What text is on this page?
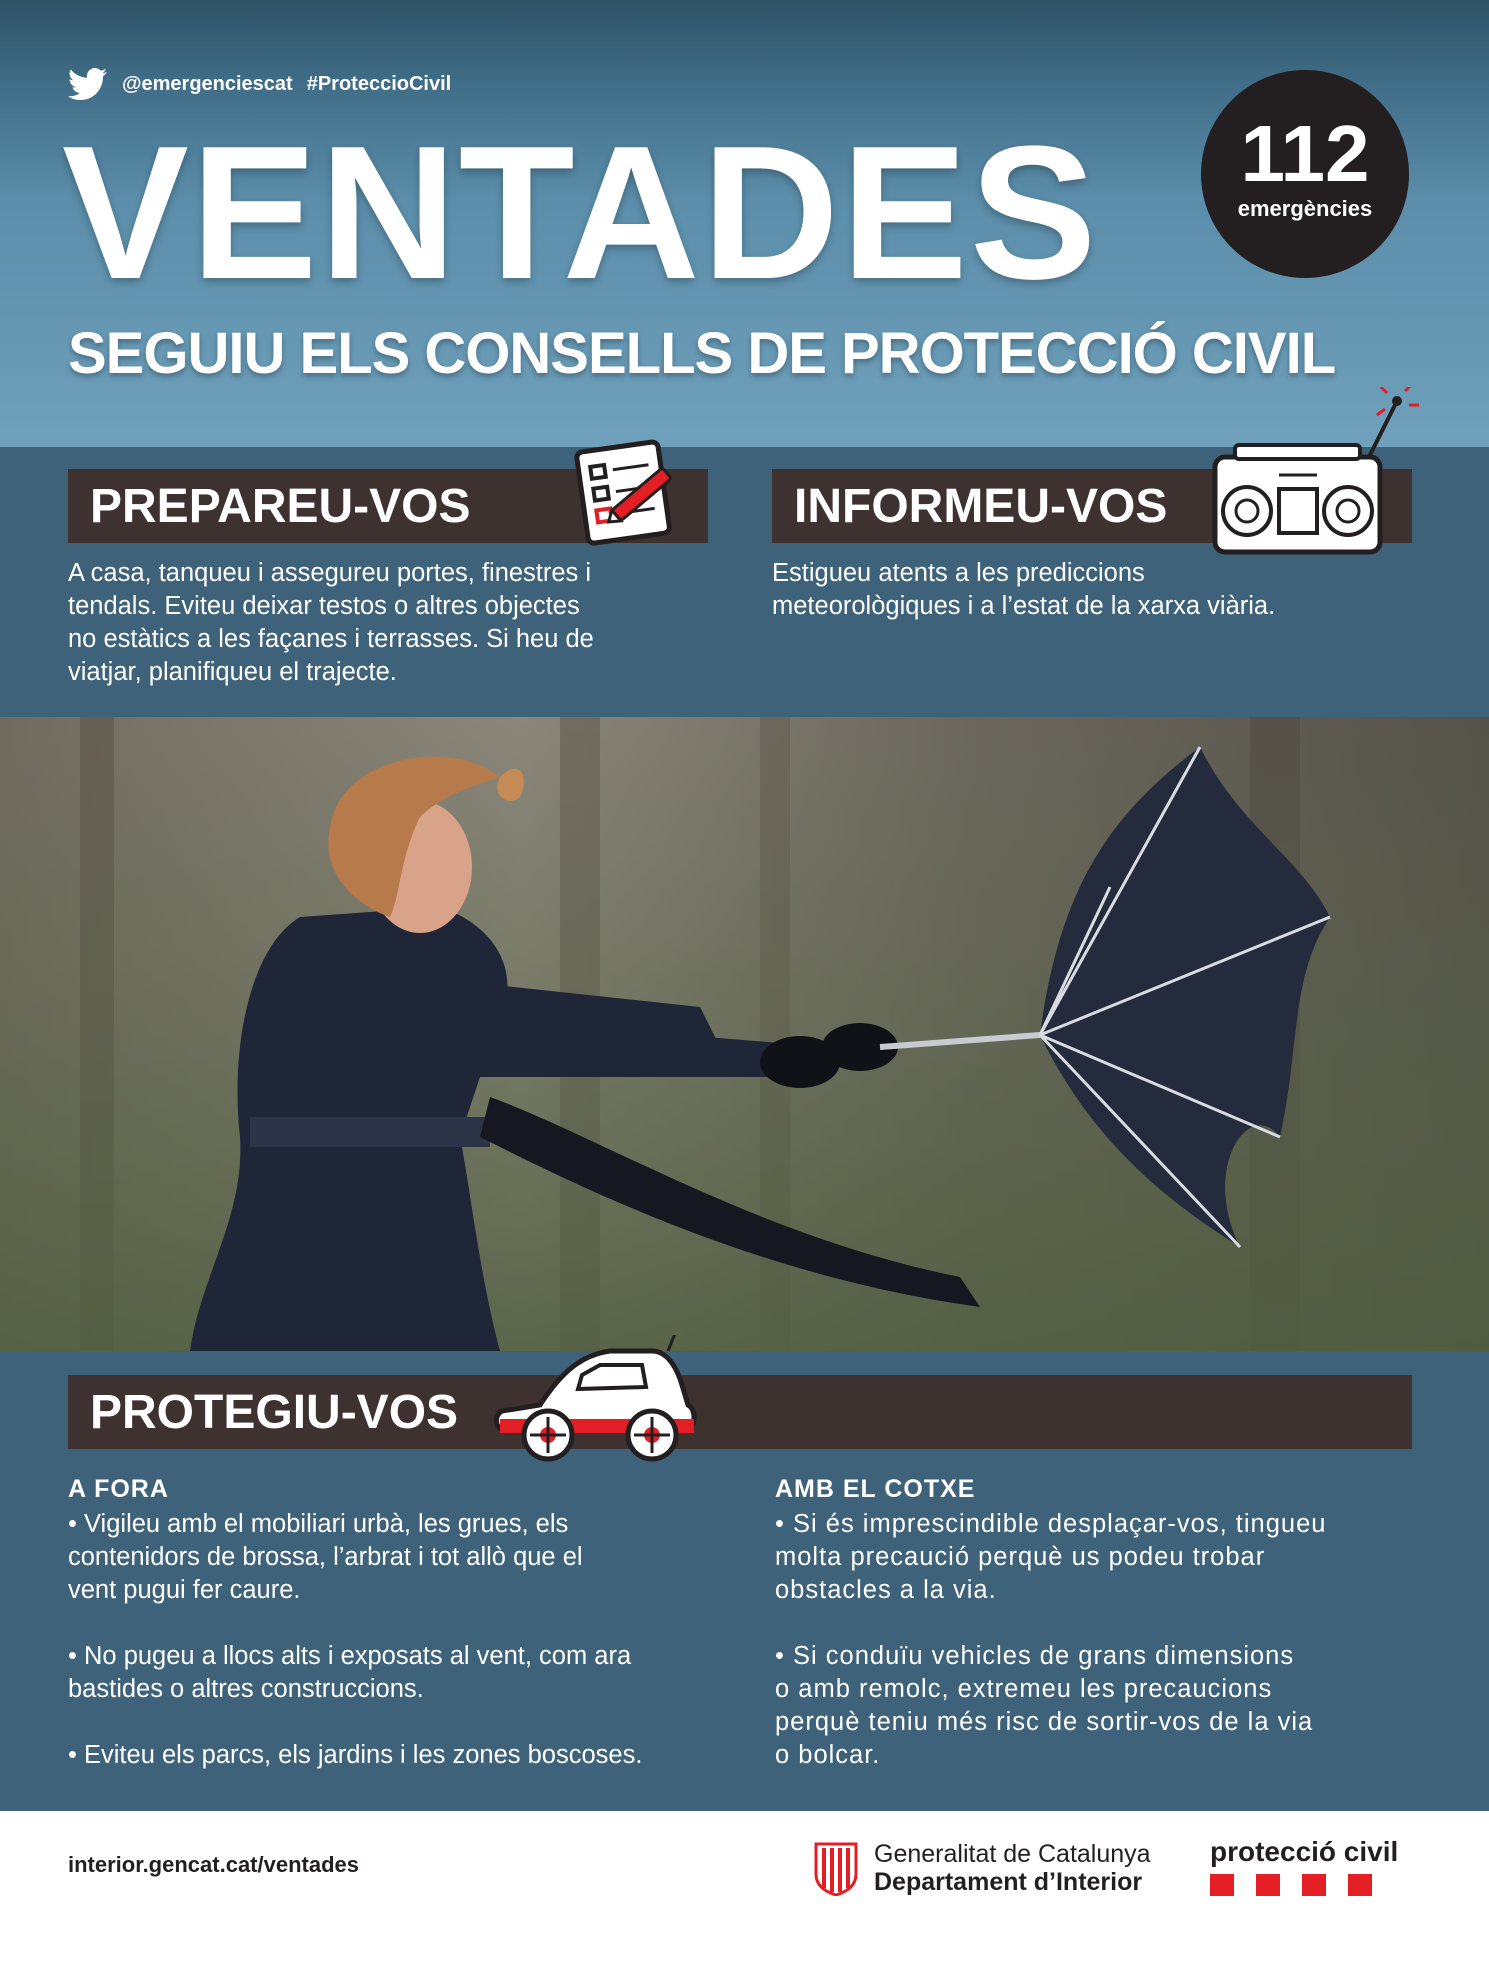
@emergenciescat #ProteccioCivil
VENTADES

SEGUIU ELS CONSELLS DE PROTECCIÓ CIVIL

112
emergències
PREPAREU-VOS

A casa, tanqueu i assegureu portes, finestres i
tendals. Eviteu deixar testos o altres objectes
no estàtics a les façanes i terrasses. Si heu de
viatjar, planifiqueu el trajecte.

INFORMEU-VOS

Estigueu atents a les prediccions
meteorològiques i a l’estat de la xarxa viària.

PROTEGIU-VOS

A FORA

• Vigileu amb el mobiliari urbà, les grues, els
contenidors de brossa, l’arbrat i tot allò que el
vent pugui fer caure.

• No pugeu a llocs alts i exposats al vent, com ara
bastides o altres construccions.

• Eviteu els parcs, els jardins i les zones boscoses.

AMB EL COTXE

• Si és imprescindible desplaçar-vos, tingueu
molta precaució perquè us podeu trobar
obstacles a la via.

• Si conduïu vehicles de grans dimensions
o amb remolc, extremeu les precaucions
perquè teniu més risc de sortir-vos de la via
o bolcar.

interior.gencat.cat/ventades	Generalitat de Catalunya
Departament d’Interior
protecció civil
